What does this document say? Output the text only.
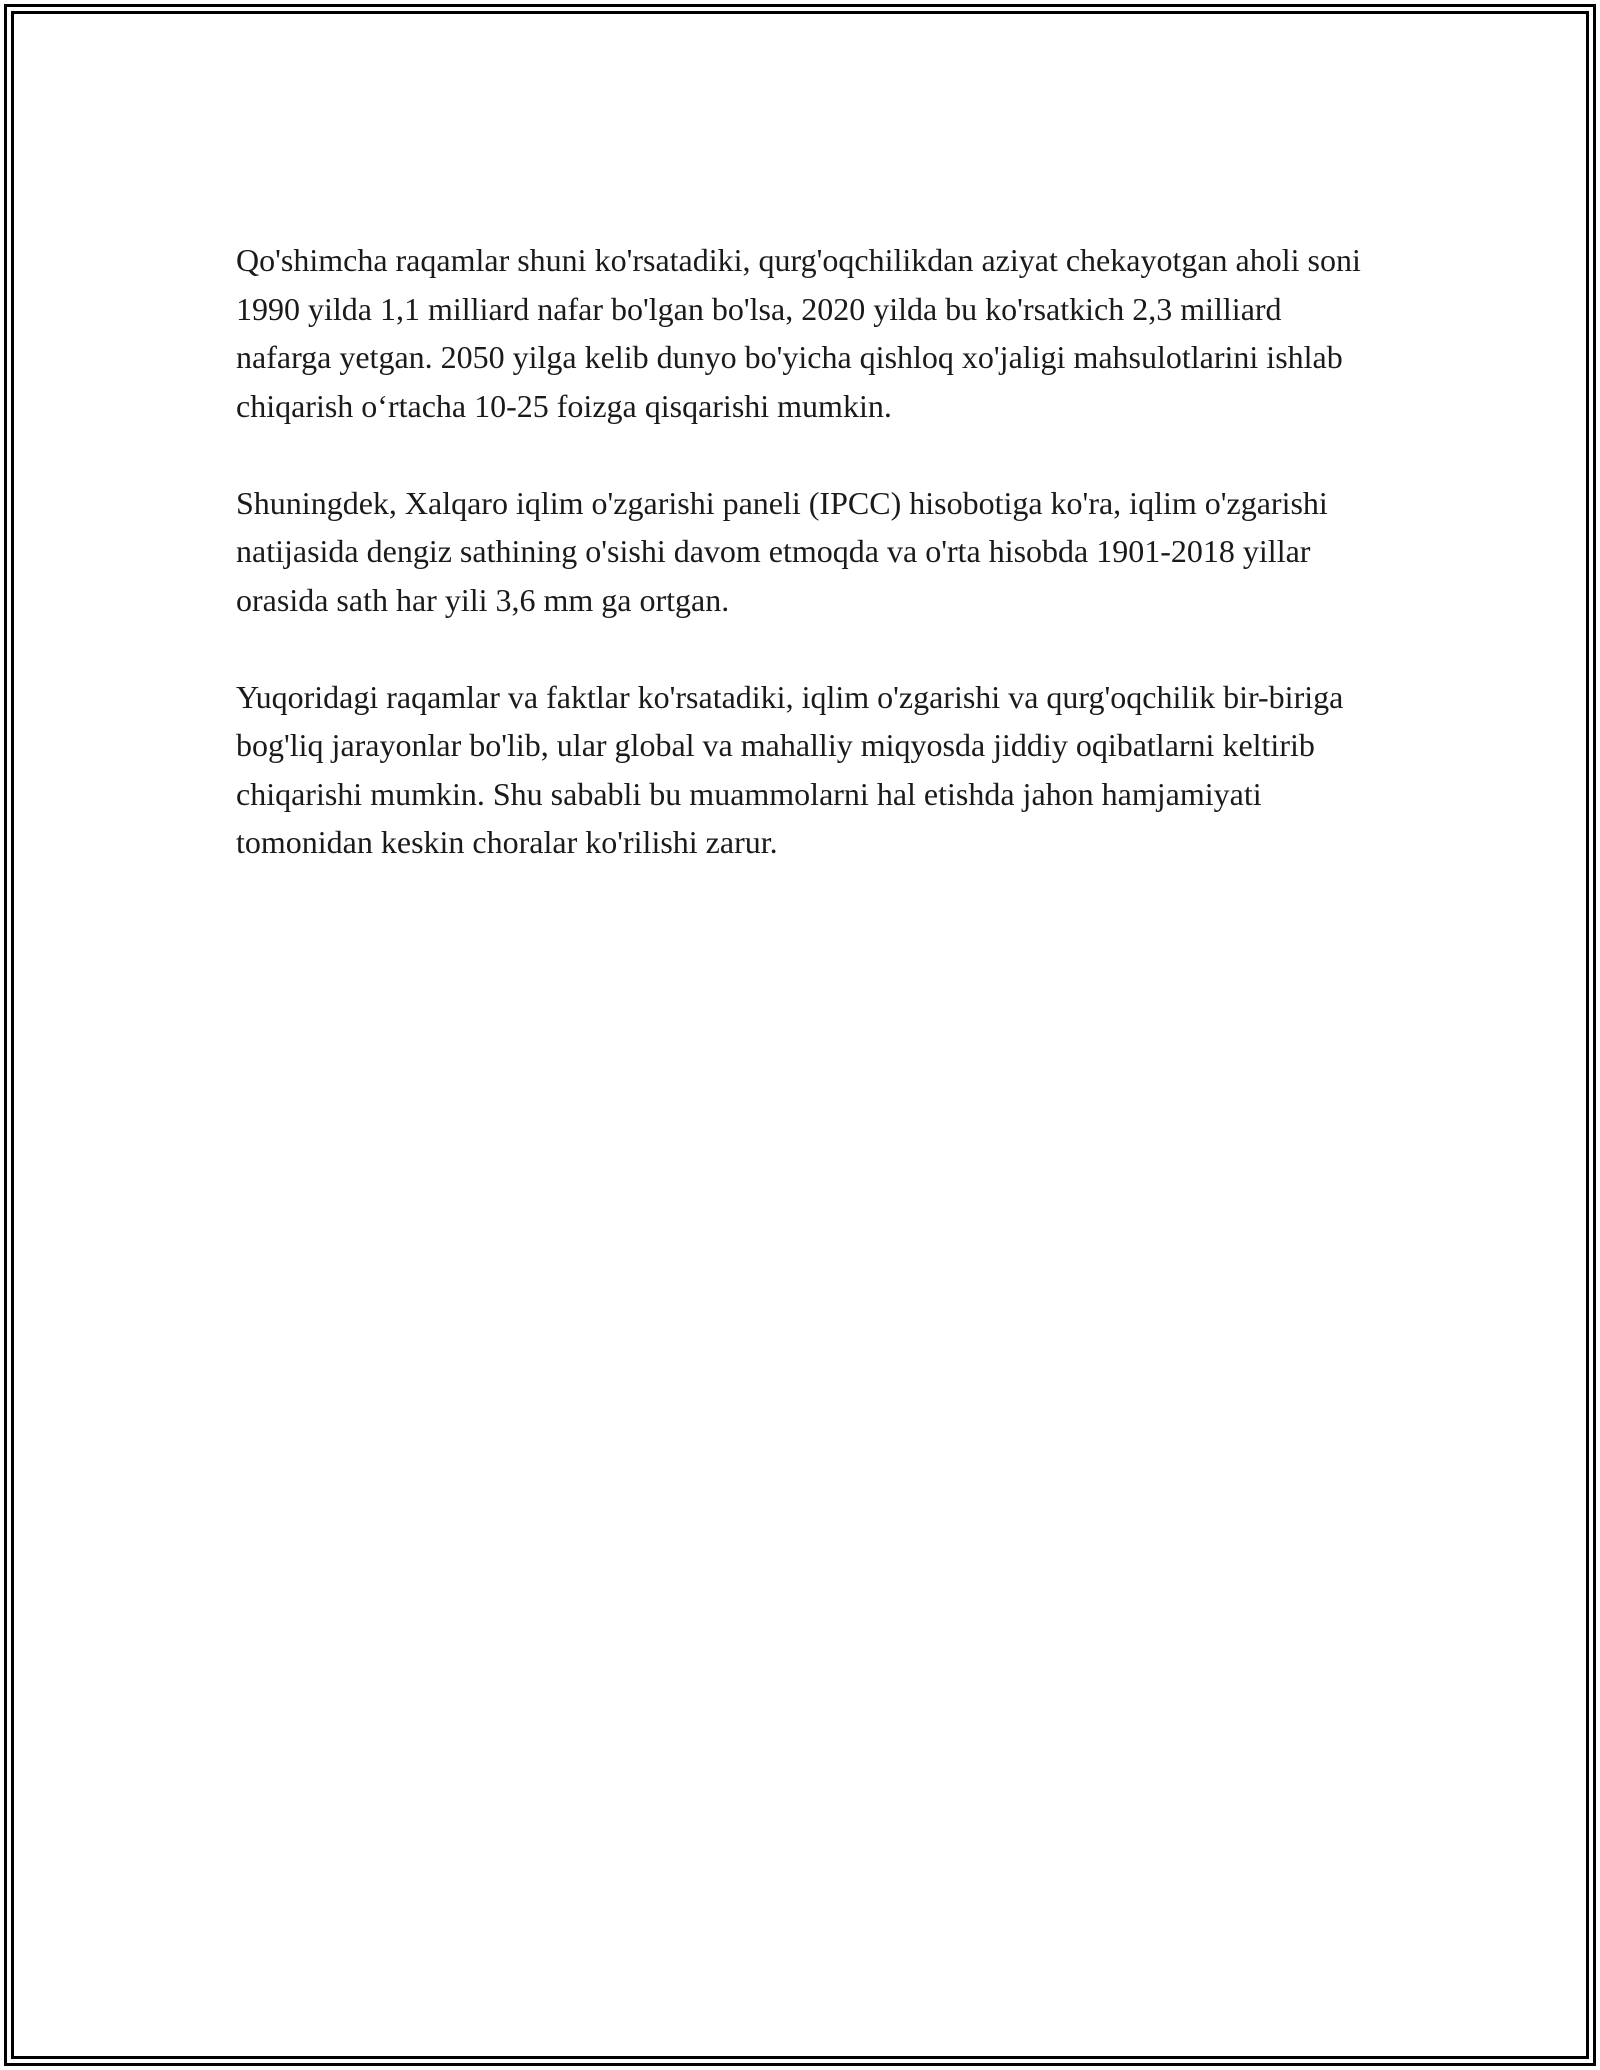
Qo'shimcha raqamlar shuni ko'rsatadiki, qurg'oqchilikdan aziyat chekayotgan aholi soni 1990 yilda 1,1 milliard nafar bo'lgan bo'lsa, 2020 yilda bu ko'rsatkich 2,3 milliard nafarga yetgan. 2050 yilga kelib dunyo bo'yicha qishloq xo'jaligi mahsulotlarini ishlab chiqarish o‘rtacha 10-25 foizga qisqarishi mumkin.

Shuningdek, Xalqaro iqlim o'zgarishi paneli (IPCC) hisobotiga ko'ra, iqlim o'zgarishi natijasida dengiz sathining o'sishi davom etmoqda va o'rta hisobda 1901-2018 yillar orasida sath har yili 3,6 mm ga ortgan.

Yuqoridagi raqamlar va faktlar ko'rsatadiki, iqlim o'zgarishi va qurg'oqchilik bir-biriga bog'liq jarayonlar bo'lib, ular global va mahalliy miqyosda jiddiy oqibatlarni keltirib chiqarishi mumkin. Shu sababli bu muammolarni hal etishda jahon hamjamiyati tomonidan keskin choralar ko'rilishi zarur.
